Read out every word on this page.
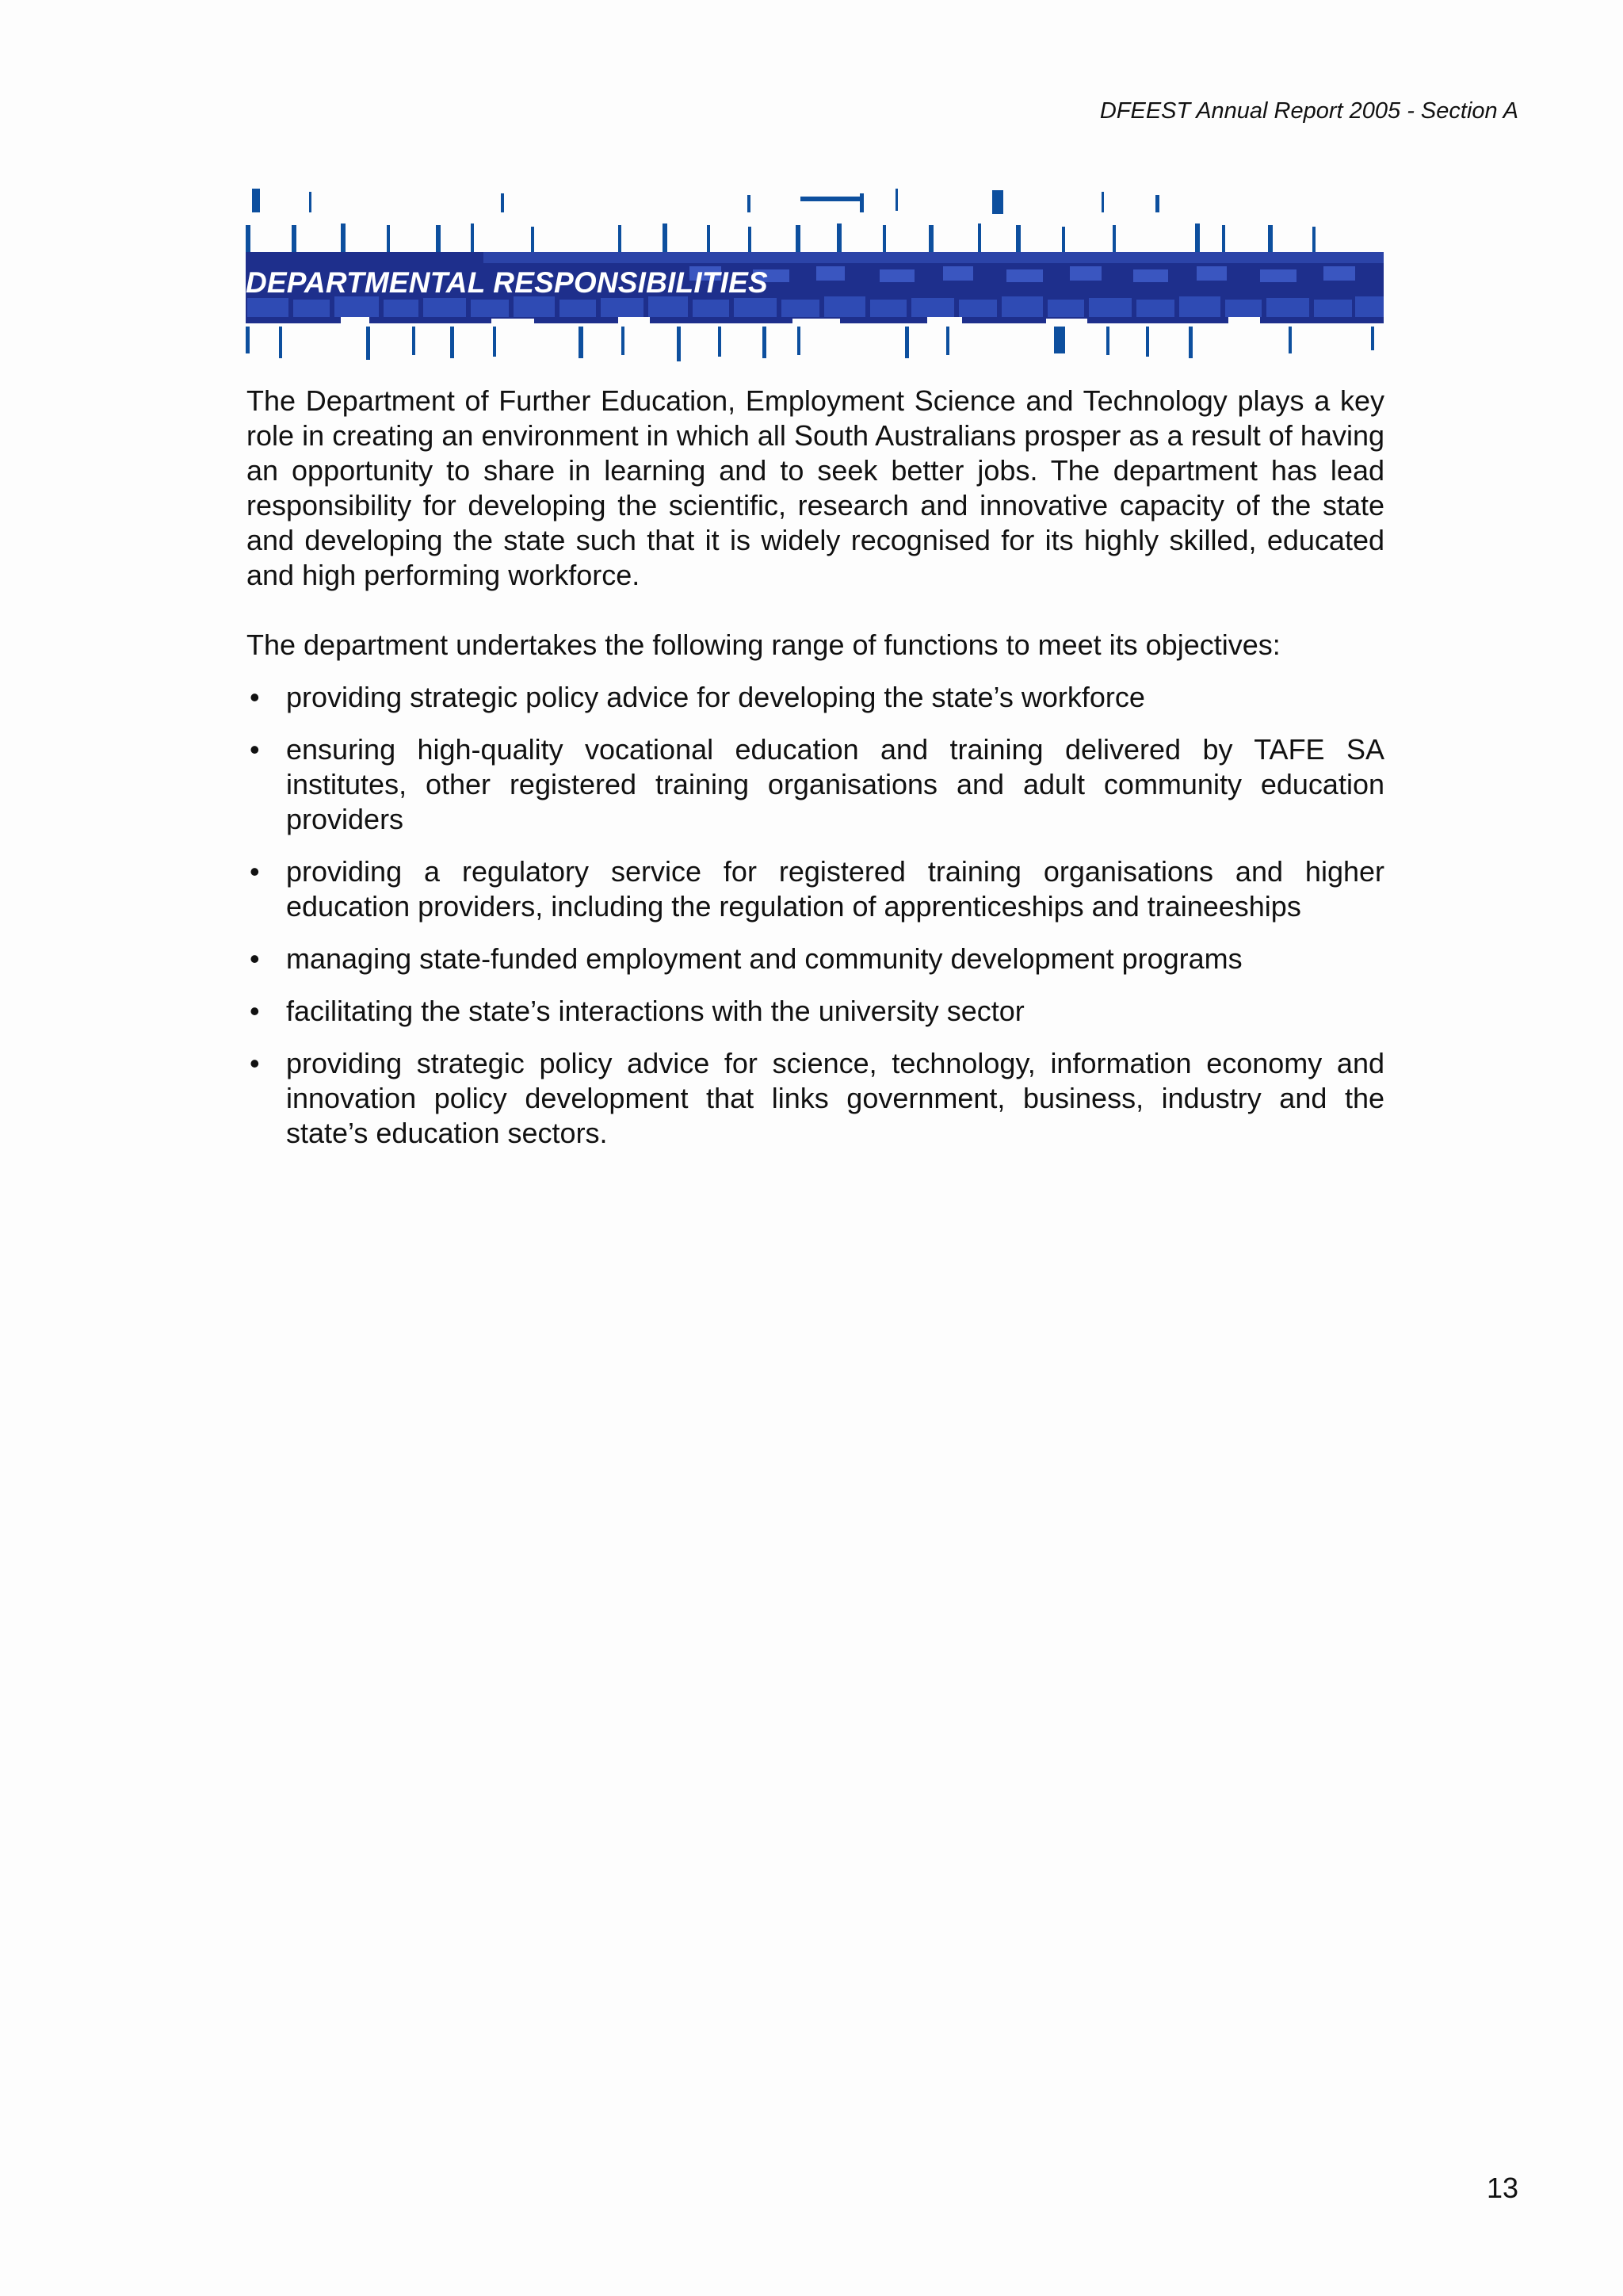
DFEEST Annual Report 2005 - Section A
DEPARTMENTAL RESPONSIBILITIES

The Department of Further Education, Employment Science and Technology plays a key role in creating an environment in which all South Australians prosper as a result of having an opportunity to share in learning and to seek better jobs. The department has lead responsibility for developing the scientific, research and innovative capacity of the state and developing the state such that it is widely recognised for its highly skilled, educated and high performing workforce.

The department undertakes the following range of functions to meet its objectives:

• providing strategic policy advice for developing the state’s workforce
• ensuring high-quality vocational education and training delivered by TAFE SA institutes, other registered training organisations and adult community education providers
• providing a regulatory service for registered training organisations and higher education providers, including the regulation of apprenticeships and traineeships
• managing state-funded employment and community development programs
• facilitating the state’s interactions with the university sector
• providing strategic policy advice for science, technology, information economy and innovation policy development that links government, business, industry and the state’s education sectors.
13
